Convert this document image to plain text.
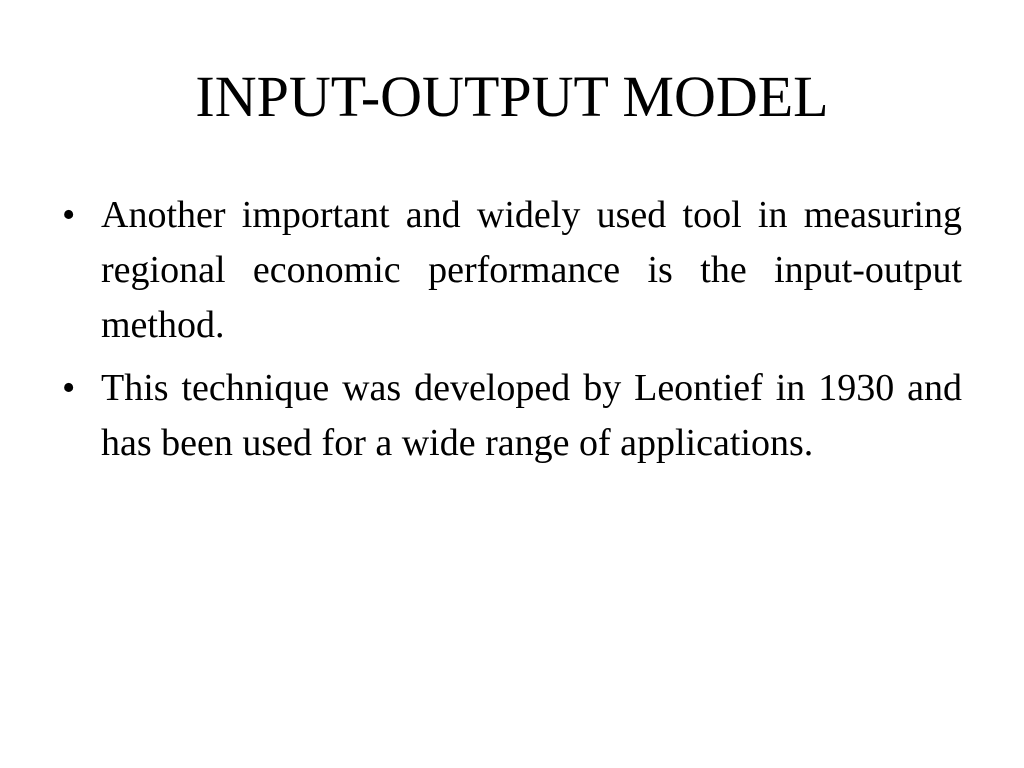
INPUT-OUTPUT MODEL
• Another important and widely used tool in measuring regional economic performance is the input-output method.
• This technique was developed by Leontief in 1930 and has been used for a wide range of applications.
